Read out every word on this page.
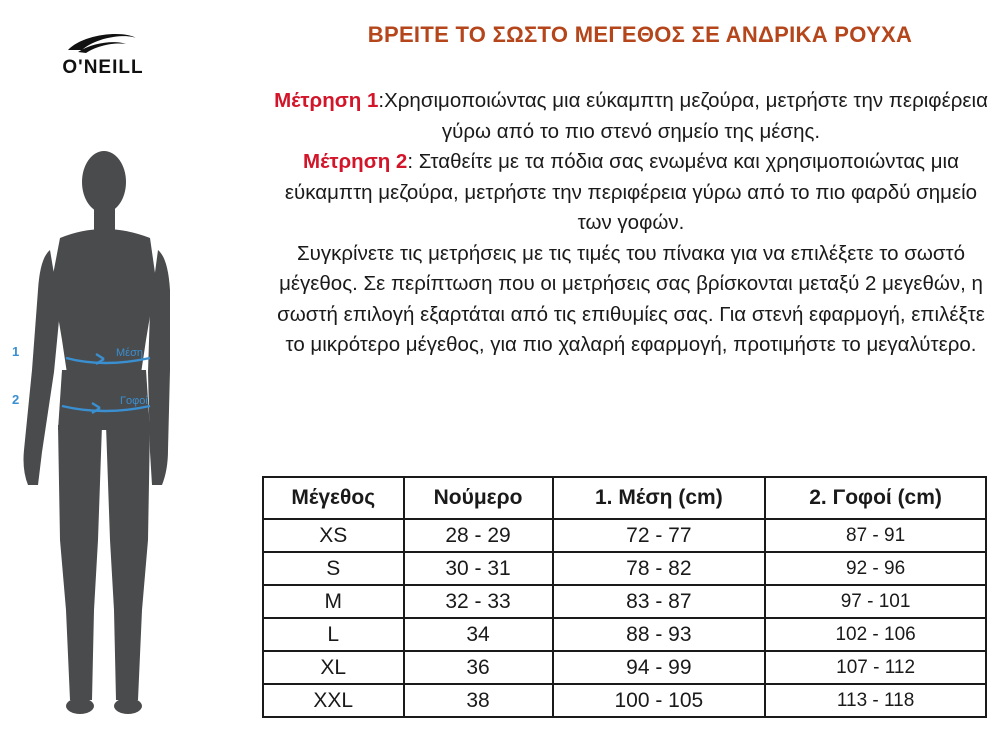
O'NEILL
1	Μέση
2	Γοφοί
ΒΡΕΙΤΕ ΤΟ ΣΩΣΤΟ ΜΕΓΕΘΟΣ ΣΕ ΑΝΔΡΙΚΑ ΡΟΥΧΑ

Μέτρηση 1:Χρησιμοποιώντας μια εύκαμπτη μεζούρα, μετρήστε την περιφέρεια γύρω από το πιο στενό σημείο της μέσης.

Μέτρηση 2: Σταθείτε με τα πόδια σας ενωμένα και χρησιμοποιώντας μια εύκαμπτη μεζούρα, μετρήστε την περιφέρεια γύρω από το πιο φαρδύ σημείο των γοφών.

Συγκρίνετε τις μετρήσεις με τις τιμές του πίνακα για να επιλέξετε το σωστό μέγεθος. Σε περίπτωση που οι μετρήσεις σας βρίσκονται μεταξύ 2 μεγεθών, η σωστή επιλογή εξαρτάται από τις επιθυμίες σας. Για στενή εφαρμογή, επιλέξτε το μικρότερο μέγεθος, για πιο χαλαρή εφαρμογή, προτιμήστε το μεγαλύτερο.

Μέγεθος	Νούμερο	1. Μέση (cm)	2. Γοφοί (cm)
XS	28 - 29	72 - 77	87 - 91
S	30 - 31	78 - 82	92 - 96
M	32 - 33	83 - 87	97 - 101
L	34	88 - 93	102 - 106
XL	36	94 - 99	107 - 112
XXL	38	100 - 105	113 - 118
